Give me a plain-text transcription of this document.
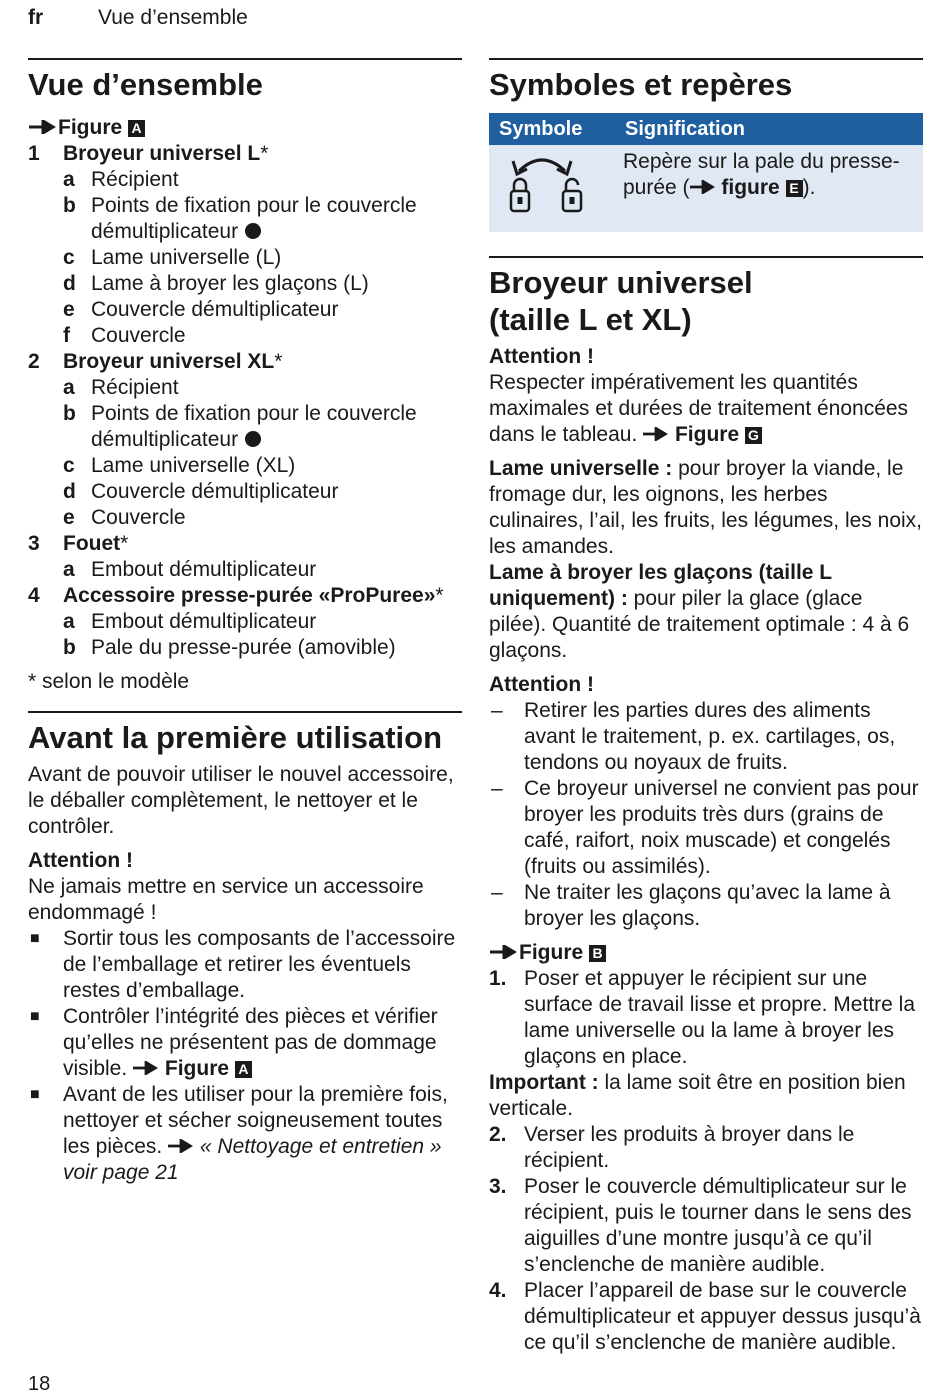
fr	Vue d’ensemble
Vue d’ensemble
Figure A
1 Broyeur universel L*
a Récipient
b Points de fixation pour le couvercle démultiplicateur
c Lame universelle (L)
d Lame à broyer les glaçons (L)
e Couvercle démultiplicateur
f Couvercle
2 Broyeur universel XL*
a Récipient
b Points de fixation pour le couvercle démultiplicateur
c Lame universelle (XL)
d Couvercle démultiplicateur
e Couvercle
3 Fouet*
a Embout démultiplicateur
4 Accessoire presse-purée «ProPuree»*
a Embout démultiplicateur
b Pale du presse-purée (amovible)
* selon le modèle
Avant la première utilisation
Avant de pouvoir utiliser le nouvel accessoire, le déballer complètement, le nettoyer et le contrôler.
Attention !
Ne jamais mettre en service un accessoire endommagé !
■ Sortir tous les composants de l’accessoire de l’emballage et retirer les éventuels restes d’emballage.
■ Contrôler l’intégrité des pièces et vérifier qu’elles ne présentent pas de dommage visible. Figure A
■ Avant de les utiliser pour la première fois, nettoyer et sécher soigneusement toutes les pièces. « Nettoyage et entretien » voir page 21
Symboles et repères
Symbole	Signification
	Repère sur la pale du presse-purée ( figure E ).
Broyeur universel
(taille L et XL)
Attention !
Respecter impérativement les quantités maximales et durées de traitement énoncées dans le tableau. Figure G
Lame universelle : pour broyer la viande, le fromage dur, les oignons, les herbes culinaires, l’ail, les fruits, les légumes, les noix, les amandes.
Lame à broyer les glaçons (taille L uniquement) : pour piler la glace (glace pilée). Quantité de traitement optimale : 4 à 6 glaçons.
Attention !
– Retirer les parties dures des aliments avant le traitement, p. ex. cartilages, os, tendons ou noyaux de fruits.
– Ce broyeur universel ne convient pas pour broyer les produits très durs (grains de café, raifort, noix muscade) et congelés (fruits ou assimilés).
– Ne traiter les glaçons qu’avec la lame à broyer les glaçons.
Figure B
1. Poser et appuyer le récipient sur une surface de travail lisse et propre. Mettre la lame universelle ou la lame à broyer les glaçons en place.
Important : la lame soit être en position bien verticale.
2. Verser les produits à broyer dans le récipient.
3. Poser le couvercle démultiplicateur sur le récipient, puis le tourner dans le sens des aiguilles d’une montre jusqu’à ce qu’il s’enclenche de manière audible.
4. Placer l’appareil de base sur le couvercle démultiplicateur et appuyer dessus jusqu’à ce qu’il s’enclenche de manière audible.
18
